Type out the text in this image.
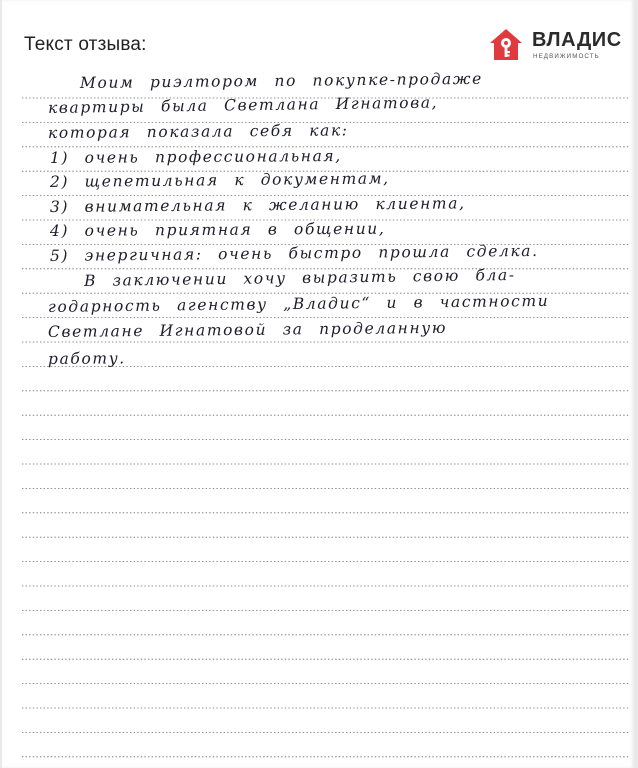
Текст отзыва:	ВЛАДИС
НЕДВИЖИМОСТЬ
Моим риэлтором по покупке-продаже
квартиры была Светлана Игнатова,
которая показала себя как:
1) очень профессиональная,
2) щепетильная к документам,
3) внимательная к желанию клиента,
4) очень приятная в общении,
5) энергичная: очень быстро прошла сделка.
В заключении хочу выразить свою бла-
годарность агенству „Владис“ и в частности
Светлане Игнатовой за проделанную
работу.
